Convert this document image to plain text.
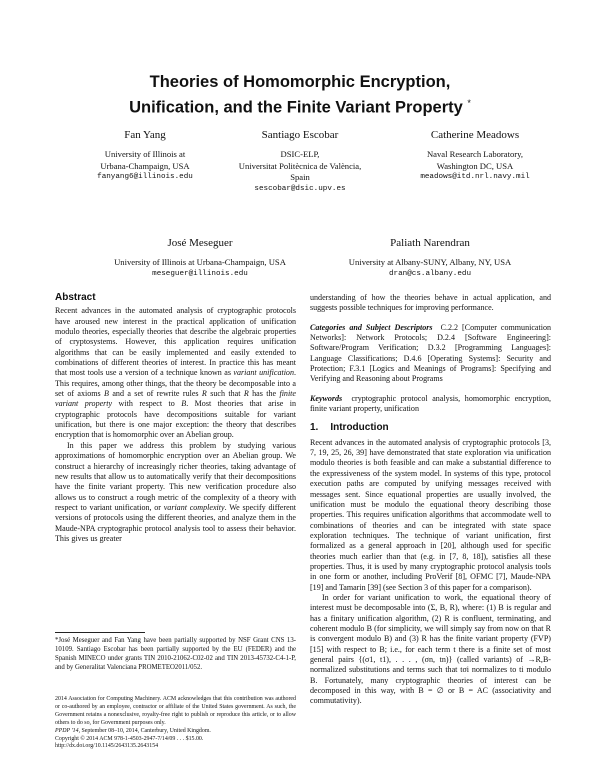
Theories of Homomorphic Encryption,
Unification, and the Finite Variant Property *
Fan Yang
University of Illinois at
Urbana-Champaign, USA
fanyang6@illinois.edu
Santiago Escobar
DSIC-ELP,
Universitat Politècnica de València,
Spain
sescobar@dsic.upv.es
Catherine Meadows
Naval Research Laboratory,
Washington DC, USA
meadows@itd.nrl.navy.mil
José Meseguer
University of Illinois at Urbana-Champaign, USA
meseguer@illinois.edu
Paliath Narendran
University at Albany-SUNY, Albany, NY, USA
dran@cs.albany.edu
Abstract

Recent advances in the automated analysis of cryptographic protocols have aroused new interest in the practical application of unification modulo theories, especially theories that describe the algebraic properties of cryptosystems. However, this application requires unification algorithms that can be easily implemented and easily extended to combinations of different theories of interest. In practice this has meant that most tools use a version of a technique known as variant unification. This requires, among other things, that the theory be decomposable into a set of axioms B and a set of rewrite rules R such that R has the finite variant property with respect to B. Most theories that arise in cryptographic protocols have decompositions suitable for variant unification, but there is one major exception: the theory that describes encryption that is homomorphic over an Abelian group.

In this paper we address this problem by studying various approximations of homomorphic encryption over an Abelian group. We construct a hierarchy of increasingly richer theories, taking advantage of new results that allow us to automatically verify that their decompositions have the finite variant property. This new verification procedure also allows us to construct a rough metric of the complexity of a theory with respect to variant unification, or variant complexity. We specify different versions of protocols using the different theories, and analyze them in the Maude-NPA cryptographic protocol analysis tool to assess their behavior. This gives us greater

*José Meseguer and Fan Yang have been partially supported by NSF Grant CNS 13-10109. Santiago Escobar has been partially supported by the EU (FEDER) and the Spanish MINECO under grants TIN 2010-21062-C02-02 and TIN 2013-45732-C4-1-P, and by Generalitat Valenciana PROMETEO2011/052.

2014 Association for Computing Machinery. ACM acknowledges that this contribution was authored or co-authored by an employee, contractor or affiliate of the United States government. As such, the Government retains a nonexclusive, royalty-free right to publish or reproduce this article, or to allow others to do so, for Government purposes only.

PPDP '14, September 08–10, 2014, Canterbury, United Kingdom.

Copyright © 2014 ACM 978-1-4503-2947-7/14/09 . . . $15.00.

http://dx.doi.org/10.1145/2643135.2643154

understanding of how the theories behave in actual application, and suggests possible techniques for improving performance.

Categories and Subject Descriptors C.2.2 [Computer communication Networks]: Network Protocols; D.2.4 [Software Engineering]: Software/Program Verification; D.3.2 [Programming Languages]: Language Classifications; D.4.6 [Operating Systems]: Security and Protection; F.3.1 [Logics and Meanings of Programs]: Specifying and Verifying and Reasoning about Programs

Keywords cryptographic protocol analysis, homomorphic encryption, finite variant property, unification

1. Introduction

Recent advances in the automated analysis of cryptographic protocols [3, 7, 19, 25, 26, 39] have demonstrated that state exploration via unification modulo theories is both feasible and can make a substantial difference to the expressiveness of the system model. In systems of this type, protocol execution paths are computed by unifying messages received with messages sent. Since equational properties are usually involved, the unification must be modulo the equational theory describing those properties. This requires unification algorithms that accommodate well to combinations of theories and can be integrated with state space exploration techniques. The technique of variant unification, first formalized as a general approach in [20], although used for specific theories much earlier than that (e.g. in [7, 8, 18]), satisfies all these properties. Thus, it is used by many cryptographic protocol analysis tools in one form or another, including ProVerif [8], OFMC [7], Maude-NPA [19] and Tamarin [39] (see Section 3 of this paper for a comparison).

In order for variant unification to work, the equational theory of interest must be decomposable into (Σ, B, R), where: (1) B is regular and has a finitary unification algorithm, (2) R is confluent, terminating, and coherent modulo B (for simplicity, we will simply say from now on that R is convergent modulo B) and (3) R has the finite variant property (FVP) [15] with respect to B; i.e., for each term t there is a finite set of most general pairs {(σ1, t1), . . . , (σn, tn)} (called variants) of →R,B-normalized substitutions and terms such that tσi normalizes to ti modulo B. Fortunately, many cryptographic theories of interest can be decomposed in this way, with B = ∅ or B = AC (associativity and commutativity).
